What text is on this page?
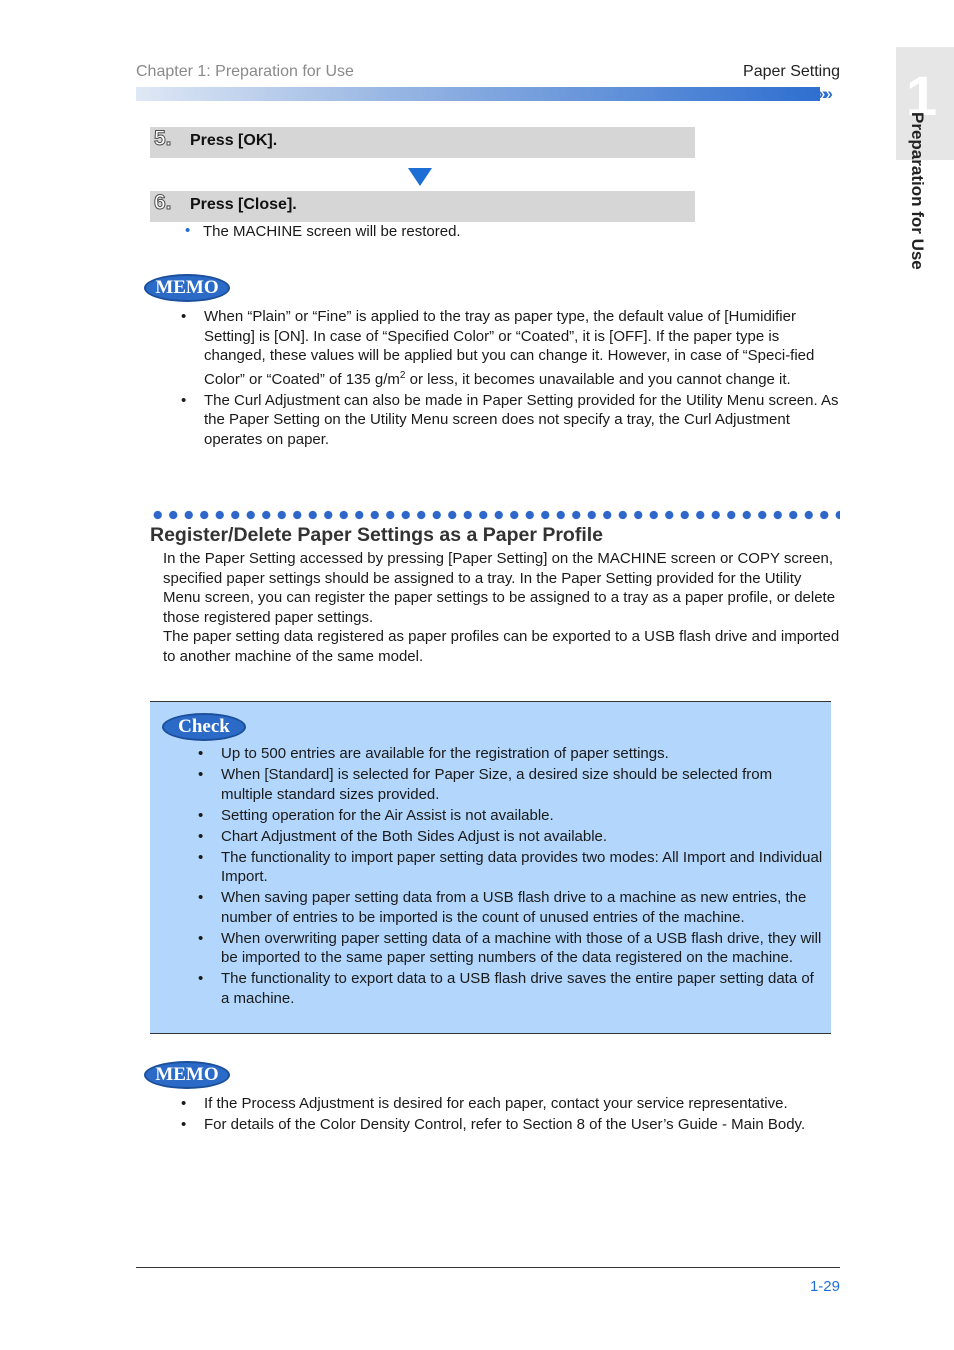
Chapter 1: Preparation for Use	Paper Setting
»» 1
Preparation for Use
5. Press [OK].
6. Press [Close].
• The MACHINE screen will be restored.
MEMO
• When “Plain” or “Fine” is applied to the tray as paper type, the default value of [Humidifier Setting] is [ON]. In case of “Specified Color” or “Coated”, it is [OFF]. If the paper type is changed, these values will be applied but you can change it. However, in case of “Speci-fied Color” or “Coated” of 135 $g/m^2$ or less, it becomes unavailable and you cannot change it.
• The Curl Adjustment can also be made in Paper Setting provided for the Utility Menu screen. As the Paper Setting on the Utility Menu screen does not specify a tray, the Curl Adjustment operates on paper.
Register/Delete Paper Settings as a Paper Profile
In the Paper Setting accessed by pressing [Paper Setting] on the MACHINE screen or COPY screen, specified paper settings should be assigned to a tray. In the Paper Setting provided for the Utility Menu screen, you can register the paper settings to be assigned to a tray as a paper profile, or delete those registered paper settings.
The paper setting data registered as paper profiles can be exported to a USB flash drive and imported to another machine of the same model.
Check
• Up to 500 entries are available for the registration of paper settings.
• When [Standard] is selected for Paper Size, a desired size should be selected from multiple standard sizes provided.
• Setting operation for the Air Assist is not available.
• Chart Adjustment of the Both Sides Adjust is not available.
• The functionality to import paper setting data provides two modes: All Import and Individual Import.
• When saving paper setting data from a USB flash drive to a machine as new entries, the number of entries to be imported is the count of unused entries of the machine.
• When overwriting paper setting data of a machine with those of a USB flash drive, they will be imported to the same paper setting numbers of the data registered on the machine.
• The functionality to export data to a USB flash drive saves the entire paper setting data of a machine.
MEMO
• If the Process Adjustment is desired for each paper, contact your service representative.
• For details of the Color Density Control, refer to Section 8 of the User’s Guide - Main Body.
1-29
